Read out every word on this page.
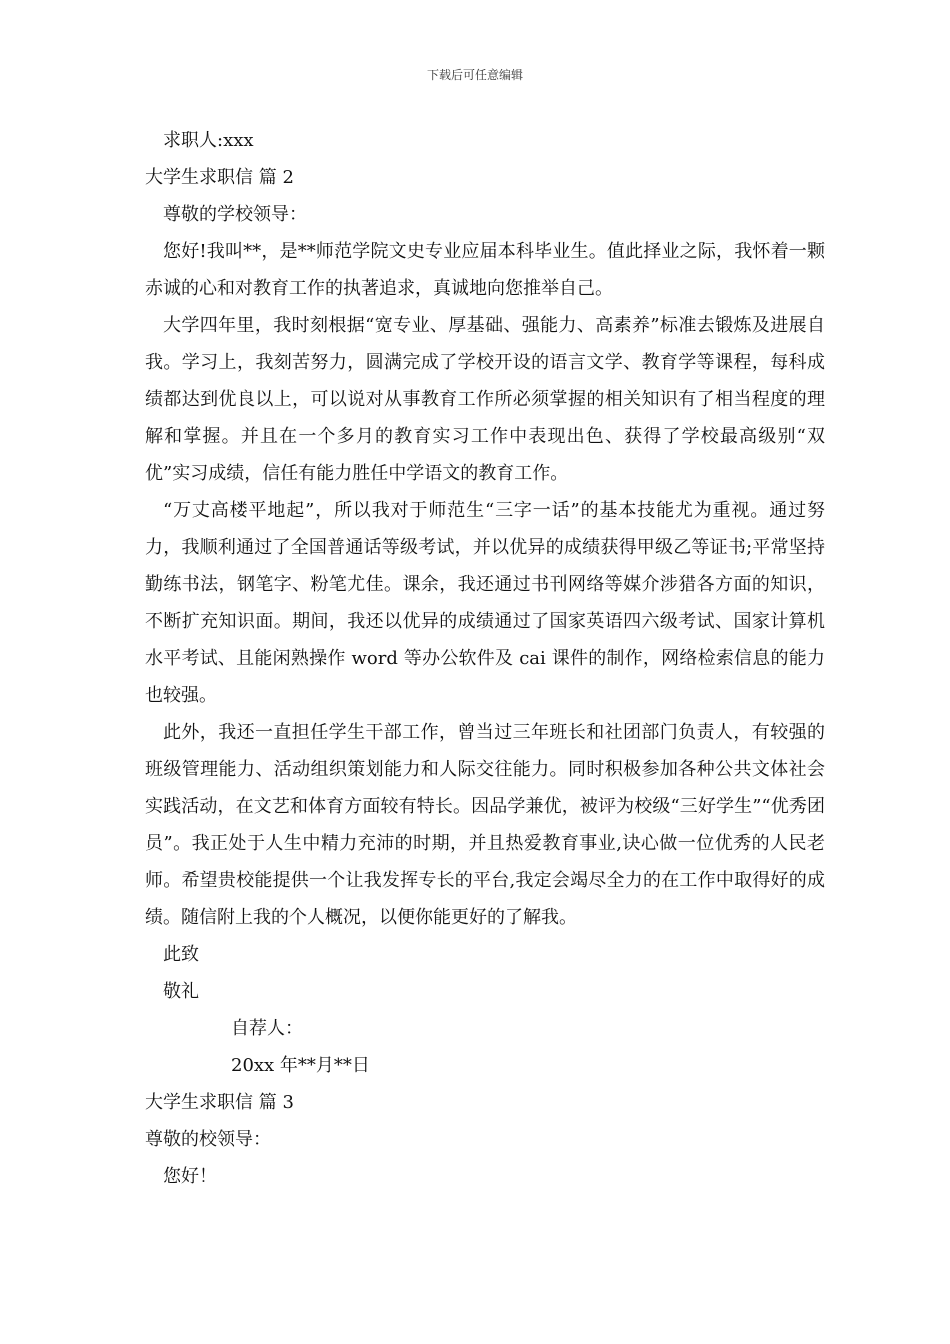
下载后可任意编辑

求职人:xxx

大学生求职信 篇 2

尊敬的学校领导：

您好!我叫**，是**师范学院文史专业应届本科毕业生。值此择业之际，我怀着一颗赤诚的心和对教育工作的执著追求，真诚地向您推举自己。

大学四年里，我时刻根据“宽专业、厚基础、强能力、高素养”标准去锻炼及进展自我。学习上，我刻苦努力，圆满完成了学校开设的语言文学、教育学等课程，每科成绩都达到优良以上，可以说对从事教育工作所必须掌握的相关知识有了相当程度的理解和掌握。并且在一个多月的教育实习工作中表现出色、获得了学校最高级别“双优”实习成绩，信任有能力胜任中学语文的教育工作。

“万丈高楼平地起”，所以我对于师范生“三字一话”的基本技能尤为重视。通过努力，我顺利通过了全国普通话等级考试，并以优异的成绩获得甲级乙等证书;平常坚持勤练书法，钢笔字、粉笔尤佳。课余，我还通过书刊网络等媒介涉猎各方面的知识，不断扩充知识面。期间，我还以优异的成绩通过了国家英语四六级考试、国家计算机水平考试、且能闲熟操作 word 等办公软件及 cai 课件的制作，网络检索信息的能力也较强。

此外，我还一直担任学生干部工作，曾当过三年班长和社团部门负责人，有较强的班级管理能力、活动组织策划能力和人际交往能力。同时积极参加各种公共文体社会实践活动，在文艺和体育方面较有特长。因品学兼优，被评为校级“三好学生”“优秀团员”。我正处于人生中精力充沛的时期，并且热爱教育事业,诀心做一位优秀的人民老师。希望贵校能提供一个让我发挥专长的平台,我定会竭尽全力的在工作中取得好的成绩。随信附上我的个人概况，以便你能更好的了解我。

此致

敬礼

自荐人：

20xx 年**月**日

大学生求职信 篇 3

尊敬的校领导：

您好！
